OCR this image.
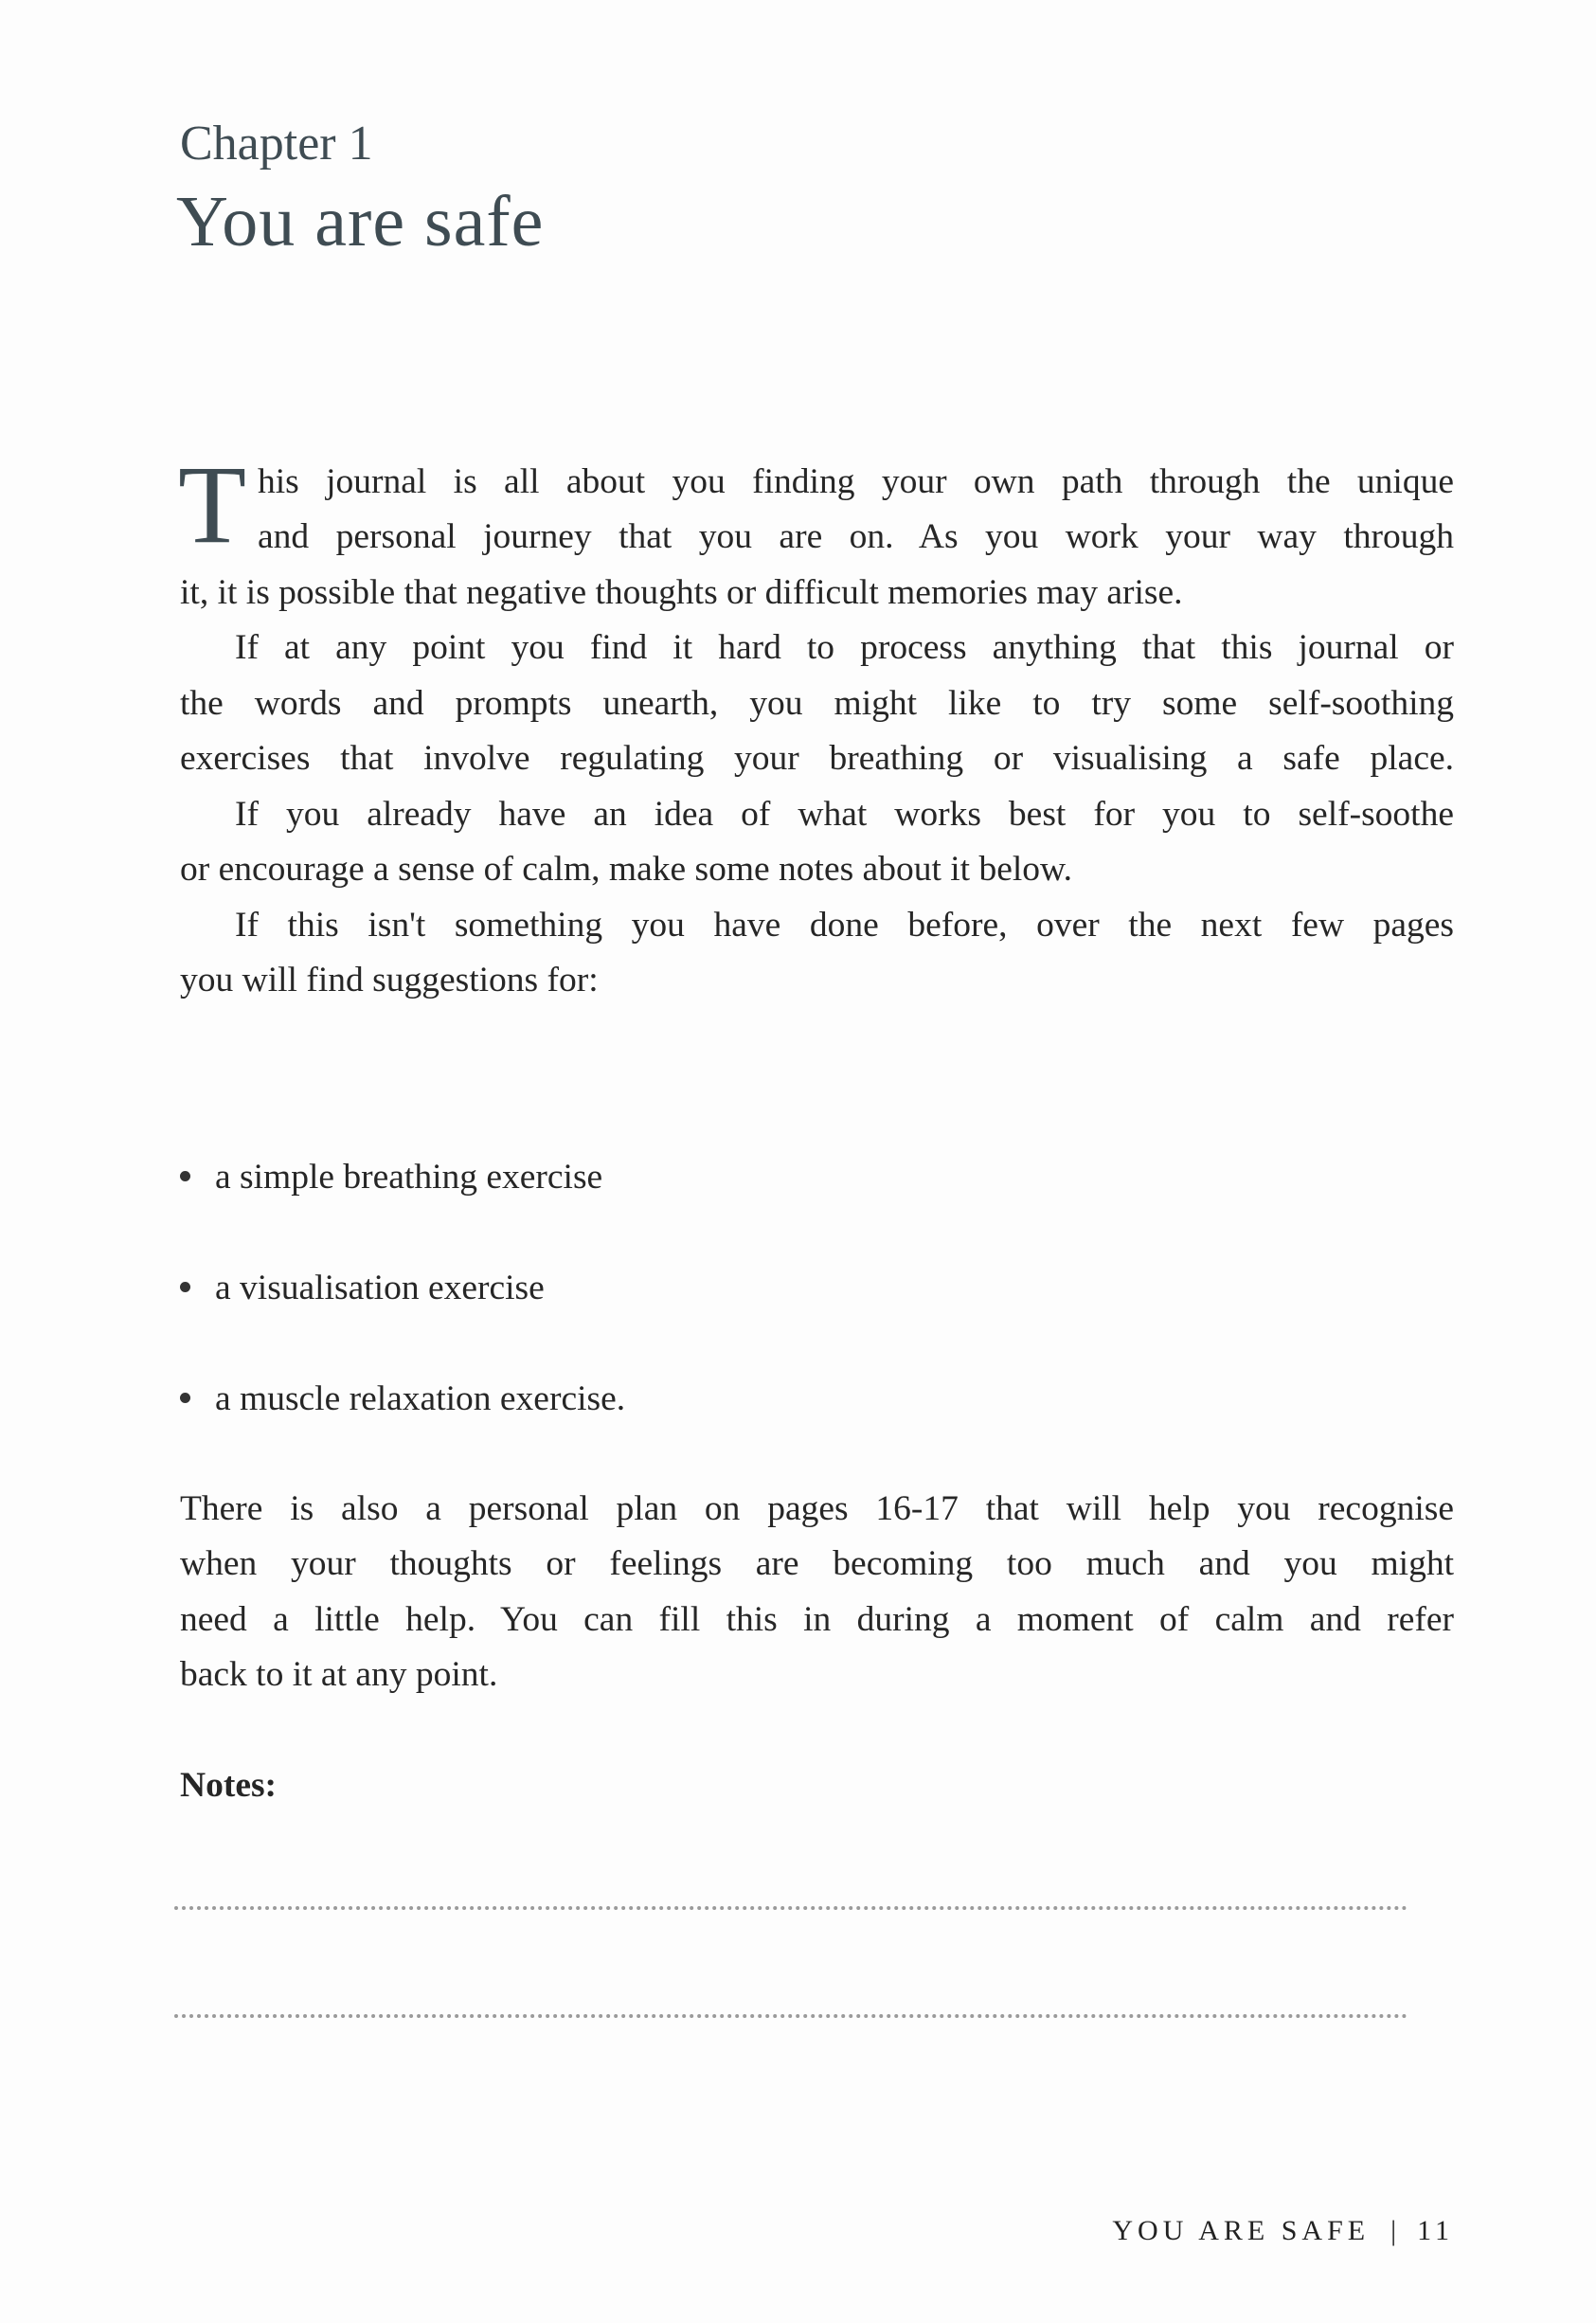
Chapter 1
You are safe
T his journal is all about you finding your own path through the unique
and personal journey that you are on. As you work your way through
it, it is possible that negative thoughts or difficult memories may arise.
If at any point you find it hard to process anything that this journal or
the words and prompts unearth, you might like to try some self-soothing
exercises that involve regulating your breathing or visualising a safe place.
If you already have an idea of what works best for you to self-soothe
or encourage a sense of calm, make some notes about it below.
If this isn't something you have done before, over the next few pages
you will find suggestions for:
a simple breathing exercise
a visualisation exercise
a muscle relaxation exercise.
There is also a personal plan on pages 16-17 that will help you recognise
when your thoughts or feelings are becoming too much and you might
need a little help. You can fill this in during a moment of calm and refer
back to it at any point.
Notes:
YOU ARE SAFE | 11
